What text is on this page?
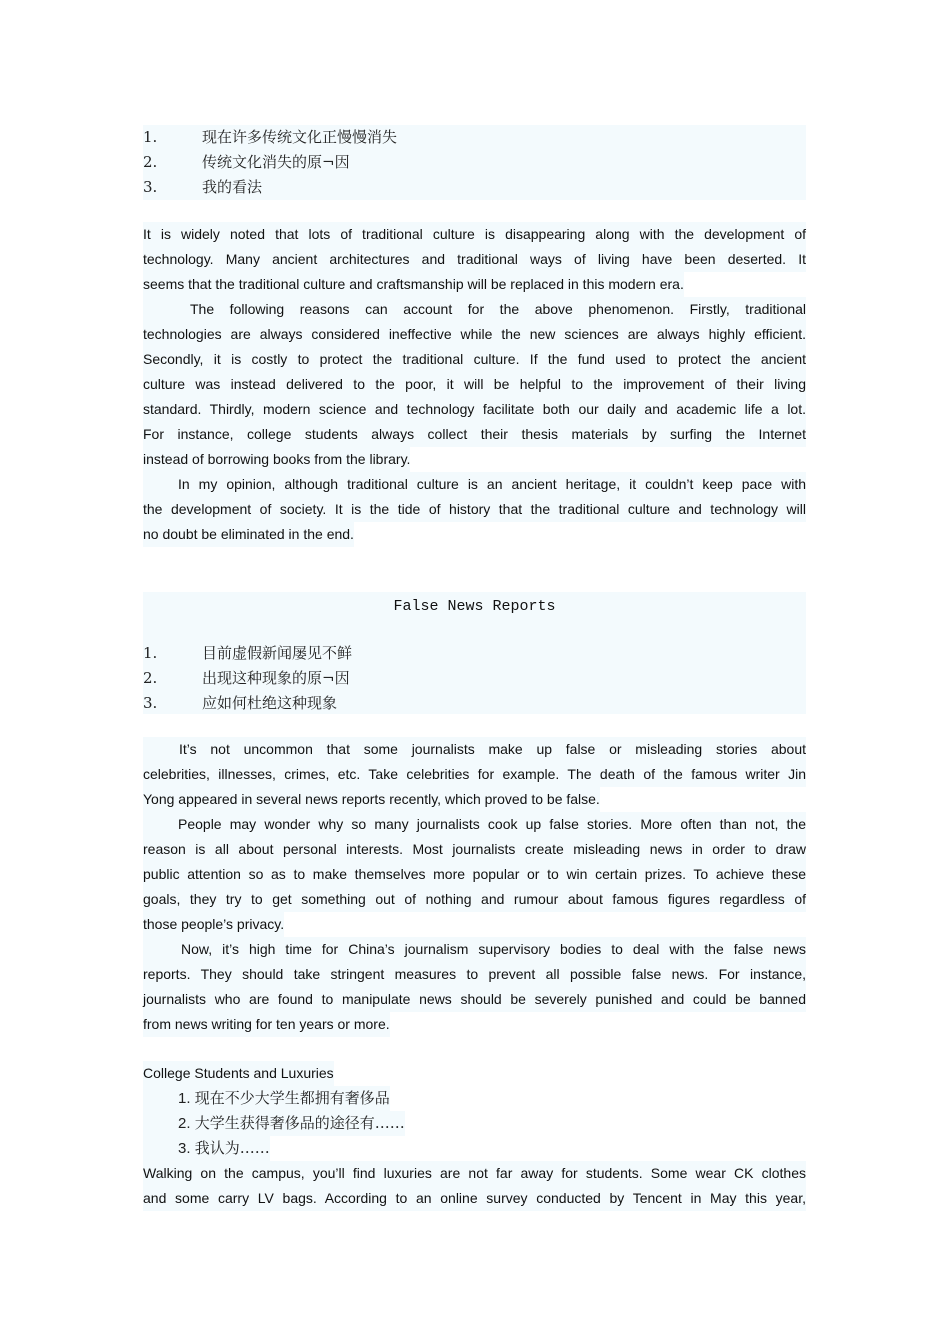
1.	现在许多传统文化正慢慢消失
2.	传统文化消失的原¬因
3.	我的看法
It is widely noted that lots of traditional culture is disappearing along with the development of
technology. Many ancient architectures and traditional ways of living have been deserted. It
seems that the traditional culture and craftsmanship will be replaced in this modern era.
The following reasons can account for the above phenomenon. Firstly, traditional
technologies are always considered ineffective while the new sciences are always highly efficient.
Secondly, it is costly to protect the traditional culture. If the fund used to protect the ancient
culture was instead delivered to the poor, it will be helpful to the improvement of their living
standard. Thirdly, modern science and technology facilitate both our daily and academic life a lot.
For instance, college students always collect their thesis materials by surfing the Internet
instead of borrowing books from the library.
In my opinion, although traditional culture is an ancient heritage, it couldn’t keep pace with
the development of society. It is the tide of history that the traditional culture and technology will
no doubt be eliminated in the end.
False News Reports
1.	目前虚假新闻屡见不鲜
2.	出现这种现象的原¬因
3.	应如何杜绝这种现象
It’s not uncommon that some journalists make up false or misleading stories about
celebrities, illnesses, crimes, etc. Take celebrities for example. The death of the famous writer Jin
Yong appeared in several news reports recently, which proved to be false.
People may wonder why so many journalists cook up false stories. More often than not, the
reason is all about personal interests. Most journalists create misleading news in order to draw
public attention so as to make themselves more popular or to win certain prizes. To achieve these
goals, they try to get something out of nothing and rumour about famous figures regardless of
those people’s privacy.
Now, it’s high time for China’s journalism supervisory bodies to deal with the false news
reports. They should take stringent measures to prevent all possible false news. For instance,
journalists who are found to manipulate news should be severely punished and could be banned
from news writing for ten years or more.
College Students and Luxuries
1. 现在不少大学生都拥有奢侈品
2. 大学生获得奢侈品的途径有……
3. 我认为……
Walking on the campus, you’ll find luxuries are not far away for students. Some wear CK clothes
and some carry LV bags. According to an online survey conducted by Tencent in May this year,
